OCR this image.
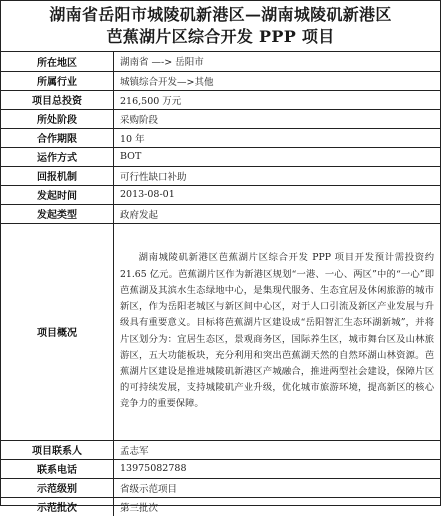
湖南省岳阳市城陵矶新港区—湖南城陵矶新港区
芭蕉湖片区综合开发 PPP 项目
所在地区	湖南省 —-> 岳阳市
所属行业	城镇综合开发—>其他
项目总投资	216,500 万元
所处阶段	采购阶段
合作期限	10 年
运作方式	BOT
回报机制	可行性缺口补助
发起时间	2013-08-01
发起类型	政府发起
项目概况	湖南城陵矶新港区芭蕉湖片区综合开发 PPP 项目开发预计需投资约 21.65 亿元。芭蕉湖片区作为新港区规划“一港、一心、两区”中的“一心”即芭蕉湖及其滨水生态绿地中心，是集现代服务、生态宜居及休闲旅游的城市新区，作为岳阳老城区与新区间中心区，对于人口引流及新区产业发展与升级具有重要意义。目标将芭蕉湖片区建设成“岳阳智汇生态环湖新城”，并将片区划分为：宜居生态区，景观商务区，国际养生区，城市舞台区及山林旅游区，五大功能板块，充分利用和突出芭蕉湖天然的自然环湖山林资源。芭蕉湖片区建设是推进城陵矶新港区产城融合，推进两型社会建设，保障片区的可持续发展，支持城陵矶产业升级，优化城市旅游环境，提高新区的核心竞争力的重要保障。

项目联系人	孟志军
联系电话	13975082788
示范级别	省级示范项目
示范批次	第三批次
